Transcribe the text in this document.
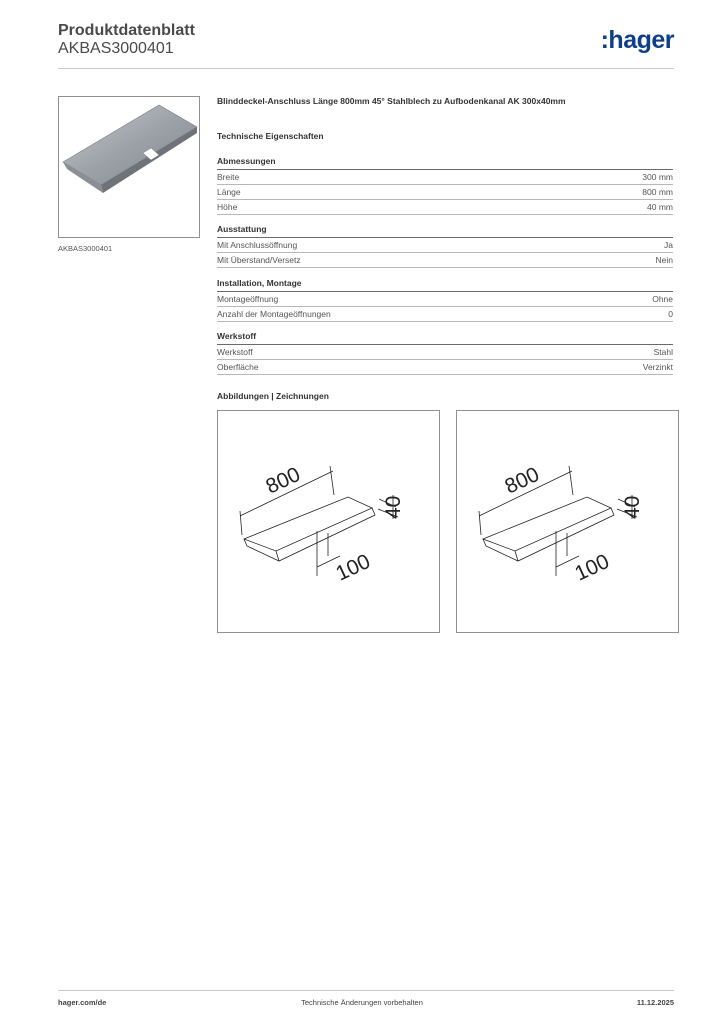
Produktdatenblatt
AKBAS3000401	:hager
AKBAS3000401
Blinddeckel-Anschluss Länge 800mm 45° Stahlblech zu Aufbodenkanal AK 300x40mm
Technische Eigenschaften
Abmessungen
Breite	300 mm
Länge	800 mm
Höhe	40 mm
Ausstattung
Mit Anschlussöffnung	Ja
Mit Überstand/Versetz	Nein
Installation, Montage
Montageöffnung	Ohne
Anzahl der Montageöffnungen	0
Werkstoff
Werkstoff	Stahl
Oberfläche	Verzinkt
Abbildungen | Zeichnungen
800
40
100
800
40
100
hager.com/de	Technische Änderungen vorbehalten	11.12.2025
